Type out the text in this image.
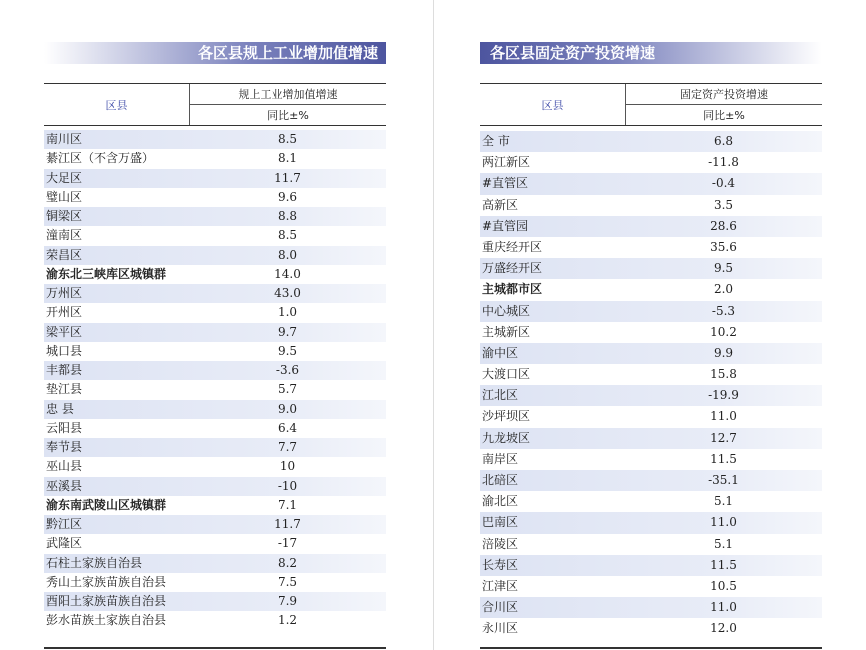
各区县规上工业增加值增速
区县
规上工业增加值增速
同比±%
南川区	8.5
綦江区（不含万盛）	8.1
大足区	11.7
璧山区	9.6
铜梁区	8.8
潼南区	8.5
荣昌区	8.0
渝东北三峡库区城镇群	14.0
万州区	43.0
开州区	1.0
梁平区	9.7
城口县	9.5
丰都县	-3.6
垫江县	5.7
忠 县	9.0
云阳县	6.4
奉节县	7.7
巫山县	10
巫溪县	-10
渝东南武陵山区城镇群	7.1
黔江区	11.7
武隆区	-17
石柱土家族自治县	8.2
秀山土家族苗族自治县	7.5
酉阳土家族苗族自治县	7.9
彭水苗族土家族自治县	1.2
各区县固定资产投资增速
区县
固定资产投资增速
同比±%
全 市	6.8
两江新区	-11.8
#直管区	-0.4
高新区	3.5
#直管园	28.6
重庆经开区	35.6
万盛经开区	9.5
主城都市区	2.0
中心城区	-5.3
主城新区	10.2
渝中区	9.9
大渡口区	15.8
江北区	-19.9
沙坪坝区	11.0
九龙坡区	12.7
南岸区	11.5
北碚区	-35.1
渝北区	5.1
巴南区	11.0
涪陵区	5.1
长寿区	11.5
江津区	10.5
合川区	11.0
永川区	12.0
